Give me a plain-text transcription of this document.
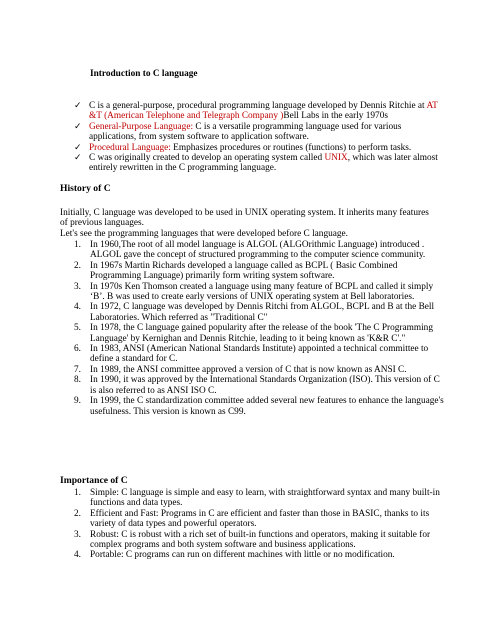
Introduction to C language
✓ C is a general-purpose, procedural programming language developed by Dennis Ritchie at AT &T (American Telephone and Telegraph Company )Bell Labs in the early 1970s
✓ General-Purpose Language: C is a versatile programming language used for various applications, from system software to application software.
✓ Procedural Language: Emphasizes procedures or routines (functions) to perform tasks.
✓ C was originally created to develop an operating system called UNIX, which was later almost entirely rewritten in the C programming language.
History of C
Initially, C language was developed to be used in UNIX operating system. It inherits many features of previous languages.
Let's see the programming languages that were developed before C language.
1. In 1960,The root of all model language is ALGOL (ALGOrithmic Language) introduced . ALGOL gave the concept of structured programming to the computer science community.
2. In 1967s Martin Richards developed a language called as BCPL ( Basic Combined Programming Language) primarily form writing system software.
3. In 1970s Ken Thomson created a language using many feature of BCPL and called it simply ‘B’. B was used to create early versions of UNIX operating system at Bell laboratories.
4. In 1972, C language was developed by Dennis Ritchi from ALGOL, BCPL and B at the Bell Laboratories. Which referred as "Traditional C"
5. In 1978, the C language gained popularity after the release of the book 'The C Programming Language' by Kernighan and Dennis Ritchie, leading to it being known as 'K&R C'."
6. In 1983, ANSI (American National Standards Institute) appointed a technical committee to define a standard for C.
7. In 1989, the ANSI committee approved a version of C that is now known as ANSI C.
8. In 1990, it was approved by the International Standards Organization (ISO). This version of C is also referred to as ANSI ISO C.
9. In 1999, the C standardization committee added several new features to enhance the language's usefulness. This version is known as C99.
Importance of C
1. Simple: C language is simple and easy to learn, with straightforward syntax and many built-in functions and data types.
2. Efficient and Fast: Programs in C are efficient and faster than those in BASIC, thanks to its variety of data types and powerful operators.
3. Robust: C is robust with a rich set of built-in functions and operators, making it suitable for complex programs and both system software and business applications.
4. Portable: C programs can run on different machines with little or no modification.
